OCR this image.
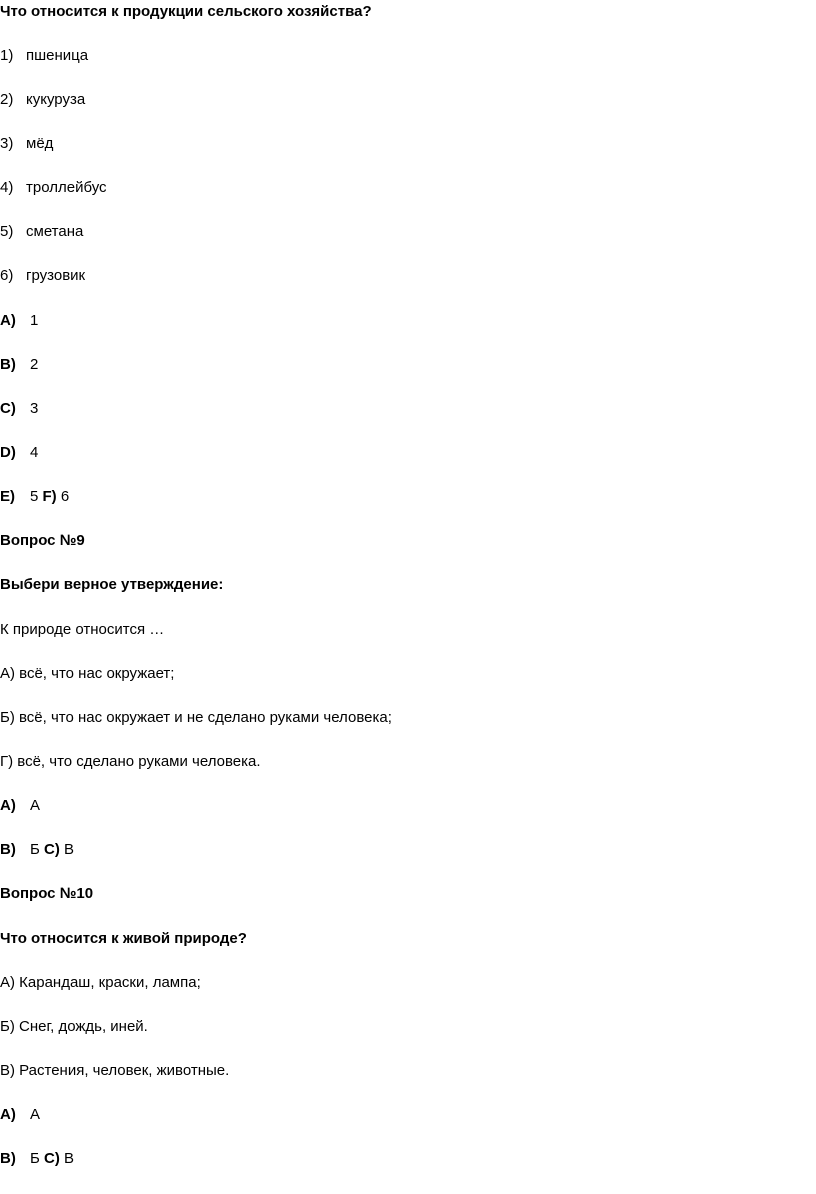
Что относится к продукции сельского хозяйства?
1) пшеница
2) кукуруза
3) мёд
4) троллейбус
5) сметана
6) грузовик
A) 1
B) 2
C) 3
D) 4
E) 5 F) 6
Вопрос №9
Выбери верное утверждение:
К природе относится …
А) всё, что нас окружает;
Б) всё, что нас окружает и не сделано руками человека;
Г) всё, что сделано руками человека.
A) А
B) Б C) В
Вопрос №10
Что относится к живой природе?
А) Карандаш, краски, лампа;
Б) Снег, дождь, иней.
В) Растения, человек, животные.
A) А
B) Б C) В
